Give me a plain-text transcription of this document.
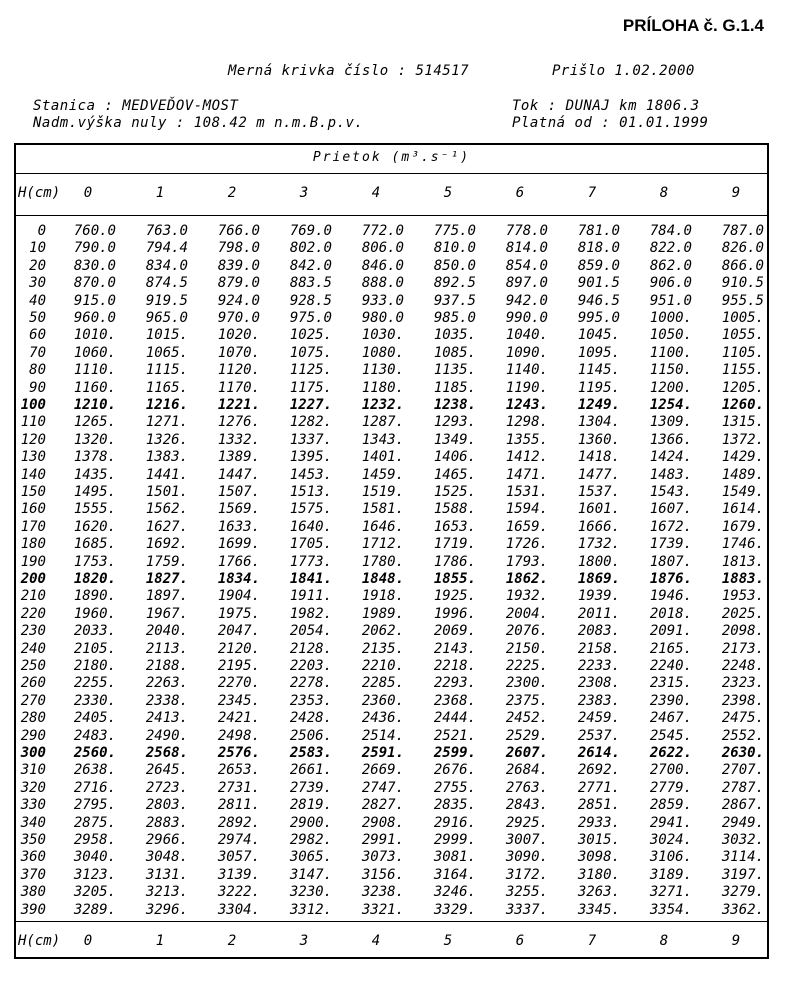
PRÍLOHA č. G.1.4
Merná krivka číslo : 514517	Prišlo 1.02.2000
Stanica : MEDVEĎOV-MOST	Tok : DUNAJ km 1806.3
Nadm.výška nuly : 108.42 m n.m.B.p.v.	Platná od : 01.01.1999
Prietok (m³.s⁻¹)
H(cm)	0	1	2	3	4	5	6	7	8	9
0	760.0	763.0	766.0	769.0	772.0	775.0	778.0	781.0	784.0	787.0
10	790.0	794.4	798.0	802.0	806.0	810.0	814.0	818.0	822.0	826.0
20	830.0	834.0	839.0	842.0	846.0	850.0	854.0	859.0	862.0	866.0
30	870.0	874.5	879.0	883.5	888.0	892.5	897.0	901.5	906.0	910.5
40	915.0	919.5	924.0	928.5	933.0	937.5	942.0	946.5	951.0	955.5
50	960.0	965.0	970.0	975.0	980.0	985.0	990.0	995.0	1000.	1005.
60	1010.	1015.	1020.	1025.	1030.	1035.	1040.	1045.	1050.	1055.
70	1060.	1065.	1070.	1075.	1080.	1085.	1090.	1095.	1100.	1105.
80	1110.	1115.	1120.	1125.	1130.	1135.	1140.	1145.	1150.	1155.
90	1160.	1165.	1170.	1175.	1180.	1185.	1190.	1195.	1200.	1205.
100	1210.	1216.	1221.	1227.	1232.	1238.	1243.	1249.	1254.	1260.
110	1265.	1271.	1276.	1282.	1287.	1293.	1298.	1304.	1309.	1315.
120	1320.	1326.	1332.	1337.	1343.	1349.	1355.	1360.	1366.	1372.
130	1378.	1383.	1389.	1395.	1401.	1406.	1412.	1418.	1424.	1429.
140	1435.	1441.	1447.	1453.	1459.	1465.	1471.	1477.	1483.	1489.
150	1495.	1501.	1507.	1513.	1519.	1525.	1531.	1537.	1543.	1549.
160	1555.	1562.	1569.	1575.	1581.	1588.	1594.	1601.	1607.	1614.
170	1620.	1627.	1633.	1640.	1646.	1653.	1659.	1666.	1672.	1679.
180	1685.	1692.	1699.	1705.	1712.	1719.	1726.	1732.	1739.	1746.
190	1753.	1759.	1766.	1773.	1780.	1786.	1793.	1800.	1807.	1813.
200	1820.	1827.	1834.	1841.	1848.	1855.	1862.	1869.	1876.	1883.
210	1890.	1897.	1904.	1911.	1918.	1925.	1932.	1939.	1946.	1953.
220	1960.	1967.	1975.	1982.	1989.	1996.	2004.	2011.	2018.	2025.
230	2033.	2040.	2047.	2054.	2062.	2069.	2076.	2083.	2091.	2098.
240	2105.	2113.	2120.	2128.	2135.	2143.	2150.	2158.	2165.	2173.
250	2180.	2188.	2195.	2203.	2210.	2218.	2225.	2233.	2240.	2248.
260	2255.	2263.	2270.	2278.	2285.	2293.	2300.	2308.	2315.	2323.
270	2330.	2338.	2345.	2353.	2360.	2368.	2375.	2383.	2390.	2398.
280	2405.	2413.	2421.	2428.	2436.	2444.	2452.	2459.	2467.	2475.
290	2483.	2490.	2498.	2506.	2514.	2521.	2529.	2537.	2545.	2552.
300	2560.	2568.	2576.	2583.	2591.	2599.	2607.	2614.	2622.	2630.
310	2638.	2645.	2653.	2661.	2669.	2676.	2684.	2692.	2700.	2707.
320	2716.	2723.	2731.	2739.	2747.	2755.	2763.	2771.	2779.	2787.
330	2795.	2803.	2811.	2819.	2827.	2835.	2843.	2851.	2859.	2867.
340	2875.	2883.	2892.	2900.	2908.	2916.	2925.	2933.	2941.	2949.
350	2958.	2966.	2974.	2982.	2991.	2999.	3007.	3015.	3024.	3032.
360	3040.	3048.	3057.	3065.	3073.	3081.	3090.	3098.	3106.	3114.
370	3123.	3131.	3139.	3147.	3156.	3164.	3172.	3180.	3189.	3197.
380	3205.	3213.	3222.	3230.	3238.	3246.	3255.	3263.	3271.	3279.
390	3289.	3296.	3304.	3312.	3321.	3329.	3337.	3345.	3354.	3362.
H(cm)	0	1	2	3	4	5	6	7	8	9
